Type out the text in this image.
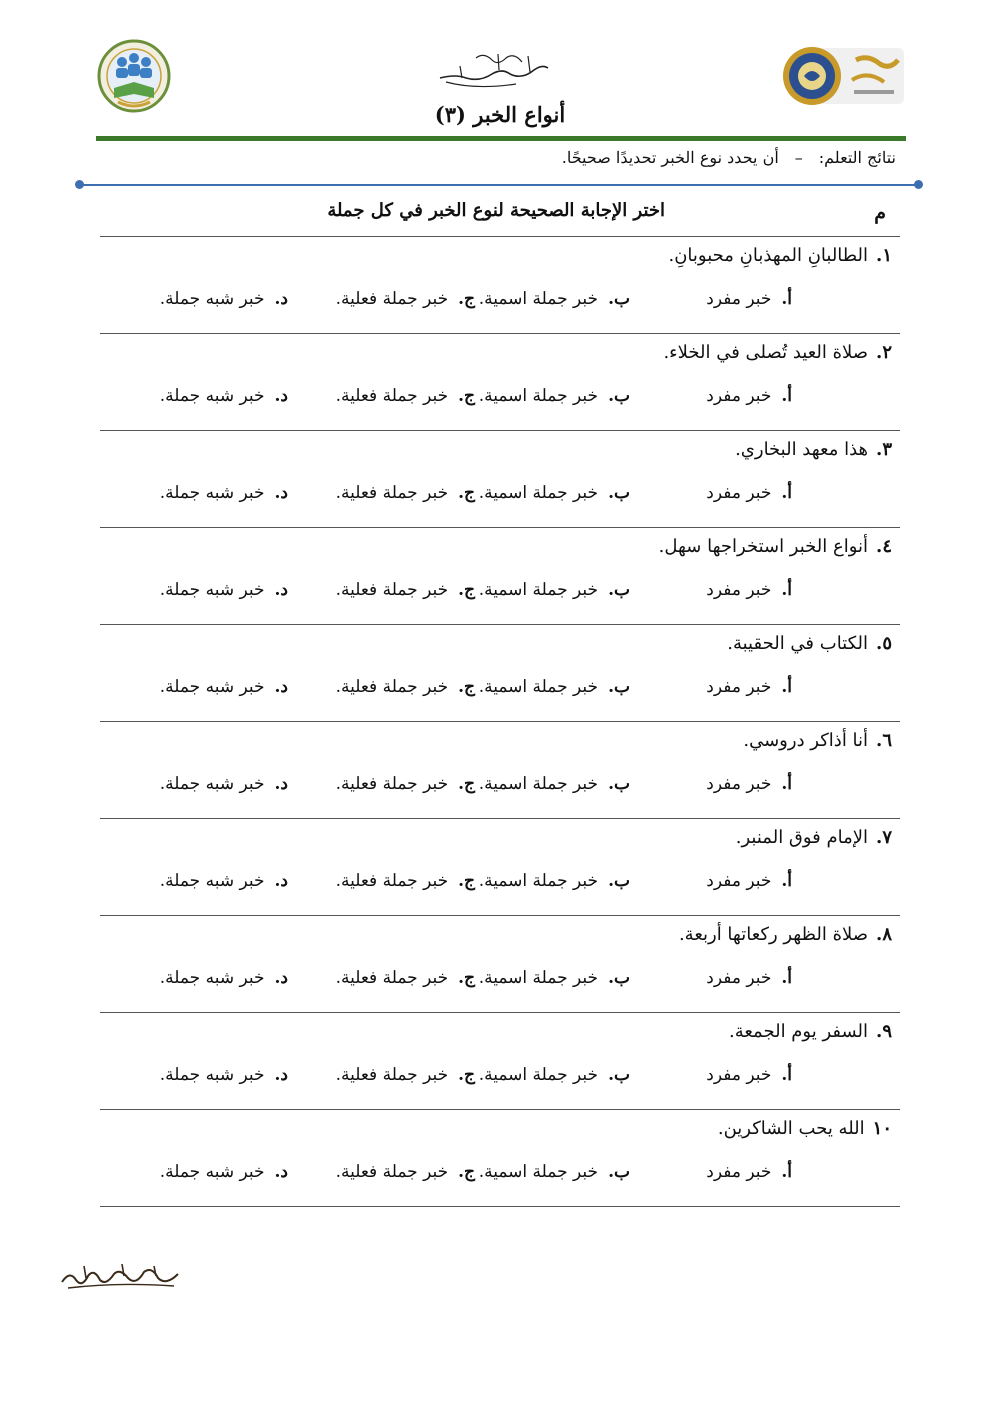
أنواع الخبر (٣)
نتائج التعلم:
–
أن يحدد نوع الخبر تحديدًا صحيحًا.
م
اختر الإجابة الصحيحة لنوع الخبر في كل جملة
١.
الطالبانِ المهذبانِ محبوبانِ.
أ.
خبر مفرد
ب.
خبر جملة اسمية.
ج.
خبر جملة فعلية.
د.
خبر شبه جملة.
٢.
صلاة العيد تُصلى في الخلاء.
أ.
خبر مفرد
ب.
خبر جملة اسمية.
ج.
خبر جملة فعلية.
د.
خبر شبه جملة.
٣.
هذا معهد البخاري.
أ.
خبر مفرد
ب.
خبر جملة اسمية.
ج.
خبر جملة فعلية.
د.
خبر شبه جملة.
٤.
أنواع الخبر استخراجها سهل.
أ.
خبر مفرد
ب.
خبر جملة اسمية.
ج.
خبر جملة فعلية.
د.
خبر شبه جملة.
٥.
الكتاب في الحقيبة.
أ.
خبر مفرد
ب.
خبر جملة اسمية.
ج.
خبر جملة فعلية.
د.
خبر شبه جملة.
٦.
أنا أذاكر دروسي.
أ.
خبر مفرد
ب.
خبر جملة اسمية.
ج.
خبر جملة فعلية.
د.
خبر شبه جملة.
٧.
الإمام فوق المنبر.
أ.
خبر مفرد
ب.
خبر جملة اسمية.
ج.
خبر جملة فعلية.
د.
خبر شبه جملة.
٨.
صلاة الظهر ركعاتها أربعة.
أ.
خبر مفرد
ب.
خبر جملة اسمية.
ج.
خبر جملة فعلية.
د.
خبر شبه جملة.
٩.
السفر يوم الجمعة.
أ.
خبر مفرد
ب.
خبر جملة اسمية.
ج.
خبر جملة فعلية.
د.
خبر شبه جملة.
١٠
الله يحب الشاكرين.
أ.
خبر مفرد
ب.
خبر جملة اسمية.
ج.
خبر جملة فعلية.
د.
خبر شبه جملة.
